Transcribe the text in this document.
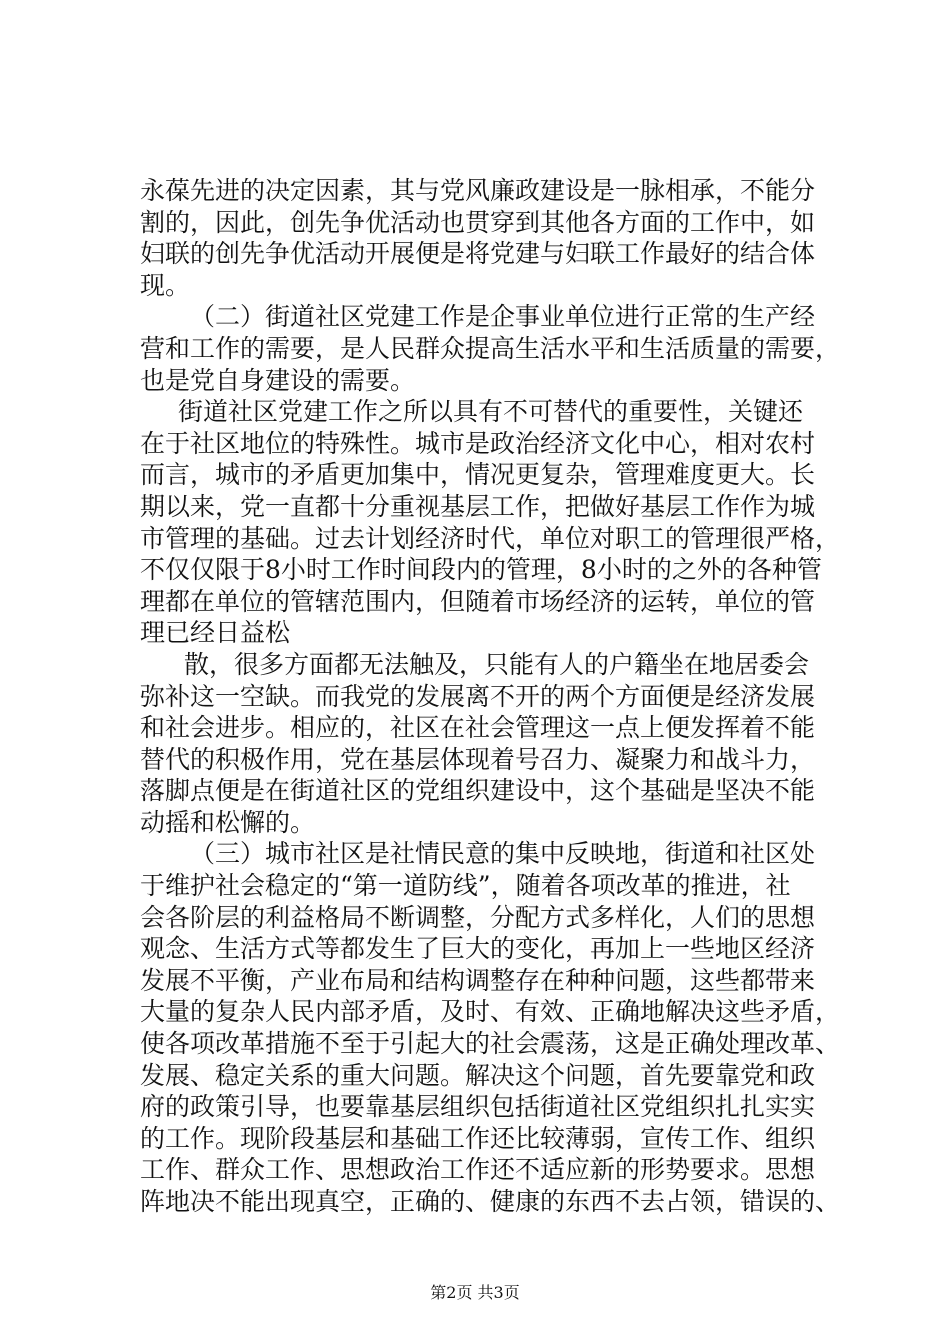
永葆先进的决定因素，其与党风廉政建设是一脉相承，不能分
割的，因此，创先争优活动也贯穿到其他各方面的工作中，如
妇联的创先争优活动开展便是将党建与妇联工作最好的结合体
现。
（二）街道社区党建工作是企事业单位进行正常的生产经
营和工作的需要，是人民群众提高生活水平和生活质量的需要，
也是党自身建设的需要。
街道社区党建工作之所以具有不可替代的重要性，关键还
在于社区地位的特殊性。城市是政治经济文化中心，相对农村
而言，城市的矛盾更加集中，情况更复杂，管理难度更大。长
期以来，党一直都十分重视基层工作，把做好基层工作作为城
市管理的基础。过去计划经济时代，单位对职工的管理很严格，
不仅仅限于8小时工作时间段内的管理，8小时的之外的各种管
理都在单位的管辖范围内，但随着市场经济的运转，单位的管
理已经日益松
散，很多方面都无法触及，只能有人的户籍坐在地居委会
弥补这一空缺。而我党的发展离不开的两个方面便是经济发展
和社会进步。相应的，社区在社会管理这一点上便发挥着不能
替代的积极作用，党在基层体现着号召力、凝聚力和战斗力，
落脚点便是在街道社区的党组织建设中，这个基础是坚决不能
动摇和松懈的。
（三）城市社区是社情民意的集中反映地，街道和社区处
于维护社会稳定的“第一道防线”，随着各项改革的推进，社
会各阶层的利益格局不断调整，分配方式多样化，人们的思想
观念、生活方式等都发生了巨大的变化，再加上一些地区经济
发展不平衡，产业布局和结构调整存在种种问题，这些都带来
大量的复杂人民内部矛盾，及时、有效、正确地解决这些矛盾，
使各项改革措施不至于引起大的社会震荡，这是正确处理改革、
发展、稳定关系的重大问题。解决这个问题，首先要靠党和政
府的政策引导，也要靠基层组织包括街道社区党组织扎扎实实
的工作。现阶段基层和基础工作还比较薄弱，宣传工作、组织
工作、群众工作、思想政治工作还不适应新的形势要求。思想
阵地决不能出现真空，正确的、健康的东西不去占领，错误的、
第2页 共3页
